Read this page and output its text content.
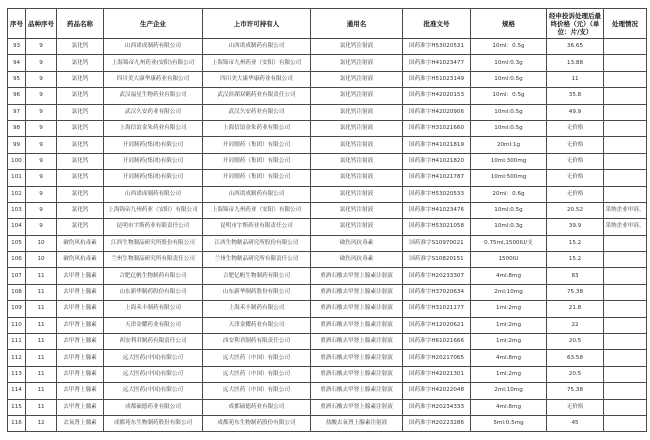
序号	品种序号	药品名称	生产企业	上市许可持有人	通用名	批准文号	规格	经申投诉处理后最终价格（元）（单位：片/支）	处理情况
93	9	氯化钙	山西诺成制药有限公司	山西诺成制药有限公司	氯化钙注射液	国药准字H53020531	10ml：0.5g	36.65	
94	9	氯化钙	上海锦帝九州药业(安阳)有限公司	上海锦帝九州药业（安阳）有限公司	氯化钙注射液	国药准字H41023477	10ml:0.3g	13.88	
95	9	氯化钙	四川美大康华康药业有限公司	四川美大康华康药业有限公司	氯化钙注射液	国药准字H51023149	10ml:0.5g	11	
96	9	氯化钙	武汉福星生物药业有限公司	武汉滨湖双鹤药业有限责任公司	氯化钙注射液	国药准字H42020153	10ml：0.5g	35.8	
97	9	氯化钙	武汉久安药业有限公司	武汉久安药业有限公司	氯化钙注射液	国药准字H42020906	10ml:0.5g	49.9	
98	9	氯化钙	上海信谊金朱药业有限公司	上海信谊金朱药业有限公司	氯化钙注射液	国药准字H31021660	10ml:0.5g	无价格	
99	9	氯化钙	开封制药(集团)有限公司	开封制药（集团）有限公司	氯化钙注射液	国药准字H41021819	20ml:1g	无价格	
100	9	氯化钙	开封制药(集团)有限公司	开封制药（集团）有限公司	氯化钙注射液	国药准字H41021820	10ml:300mg	无价格	
101	9	氯化钙	开封制药(集团)有限公司	开封制药（集团）有限公司	氯化钙注射液	国药准字H41021787	10ml:500mg	无价格	
102	9	氯化钙	山西诺成制药有限公司	山西诺成制药有限公司	氯化钙注射液	国药准字H53020533	20ml：0.6g	无价格	
103	9	氯化钙	上海锦帝九州药业（安阳）有限公司	上海锦帝九州药业（安阳）有限公司	氯化钙注射液	国药准字H41023476	10ml:0.5g	20.52	采纳企业申诉。
104	9	氯化钙	昆明市宇斯药业有限责任公司	昆明市宇斯药业有限责任公司	氯化钙注射液	国药准字H53021058	10ml:0.3g	39.9	采纳企业申诉。
105	10	破伤风抗毒素	江西生物制品研究所股份有限公司	江西生物制品研究所股份有限公司	破伤风抗毒素	国药准字S10970021	0.75ml,1500IU/支	15.2	
106	10	破伤风抗毒素	兰州生物制品研究所有限责任公司	兰州生物制品研究所有限责任公司	破伤风抗毒素	国药准字S10820151	1500IU	15.2	
107	11	去甲肾上腺素	合肥亿帆生物制药有限公司	合肥亿帆生物制药有限公司	重酒石酸去甲肾上腺素注射液	国药准字H20233307	4ml:8mg	83	
108	11	去甲肾上腺素	山东新华制药股份有限公司	山东新华制药股份有限公司	重酒石酸去甲肾上腺素注射液	国药准字H37020634	2ml:10mg	75.38	
109	11	去甲肾上腺素	上海禾丰制药有限公司	上海禾丰制药有限公司	重酒石酸去甲肾上腺素注射液	国药准字H31021177	1ml:2mg	21.8	
110	11	去甲肾上腺素	天津金耀药业有限公司	天津金耀药业有限公司	重酒石酸去甲肾上腺素注射液	国药准字H12020621	1ml:2mg	22	
111	11	去甲肾上腺素	西安利君制药有限责任公司	西安利君制药有限责任公司	重酒石酸去甲肾上腺素注射液	国药准字H61021666	1ml:2mg	20.5	
112	11	去甲肾上腺素	远大医药(中国)有限公司	远大医药（中国）有限公司	重酒石酸去甲肾上腺素注射液	国药准字H20217065	4ml:8mg	63.58	
113	11	去甲肾上腺素	远大医药(中国)有限公司	远大医药（中国）有限公司	重酒石酸去甲肾上腺素注射液	国药准字H42021301	1ml:2mg	20.5	
114	11	去甲肾上腺素	远大医药(中国)有限公司	远大医药（中国）有限公司	重酒石酸去甲肾上腺素注射液	国药准字H42022048	2ml:10mg	75.38	
115	11	去甲肾上腺素	成都硕德药业有限公司	成都硕德药业有限公司	重酒石酸去甲肾上腺素注射液	国药准字H20234333	4ml:8mg	无价格	
116	12	去氧肾上腺素	成都苑东生物制药股份有限公司	成都苑东生物制药股份有限公司	盐酸去氧肾上腺素注射液	国药准字H20223286	5ml:0.5mg	45	
